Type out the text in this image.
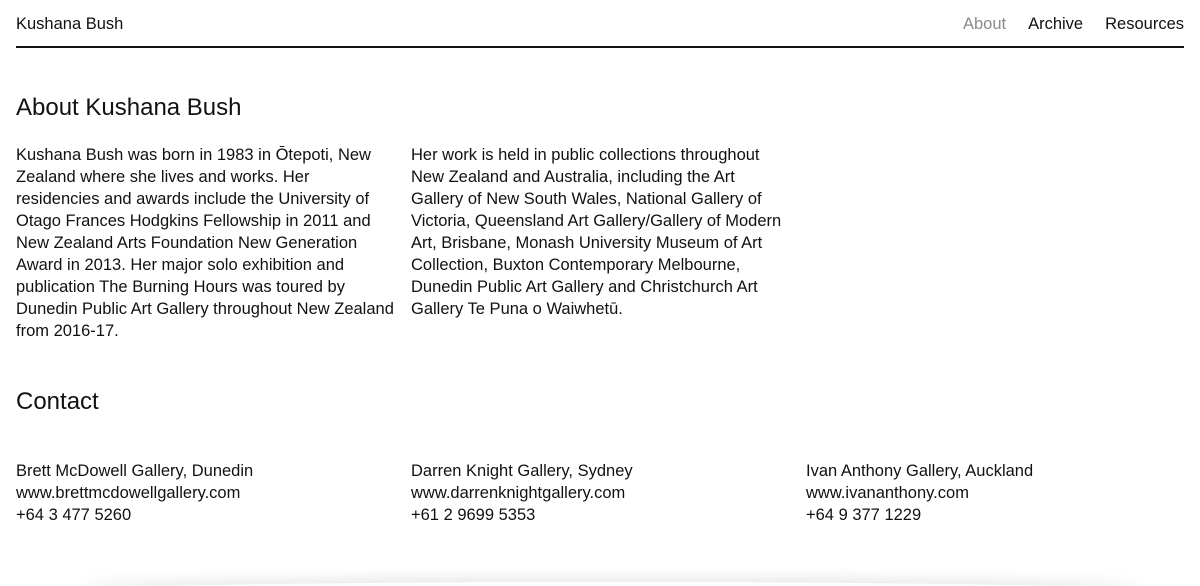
Kushana Bush	About Archive Resources
About Kushana Bush

Kushana Bush was born in 1983 in Ōtepoti, New Zealand where she lives and works. Her residencies and awards include the University of Otago Frances Hodgkins Fellowship in 2011 and New Zealand Arts Foundation New Generation Award in 2013. Her major solo exhibition and publication The Burning Hours was toured by Dunedin Public Art Gallery throughout New Zealand from 2016-17.

Her work is held in public collections throughout New Zealand and Australia, including the Art Gallery of New South Wales, National Gallery of Victoria, Queensland Art Gallery/Gallery of Modern Art, Brisbane, Monash University Museum of Art Collection, Buxton Contemporary Melbourne, Dunedin Public Art Gallery and Christchurch Art Gallery Te Puna o Waiwhetū.

Contact
Brett McDowell Gallery, Dunedin
www.brettmcdowellgallery.com
+64 3 477 5260
Darren Knight Gallery, Sydney
www.darrenknightgallery.com
+61 2 9699 5353
Ivan Anthony Gallery, Auckland
www.ivananthony.com
+64 9 377 1229
